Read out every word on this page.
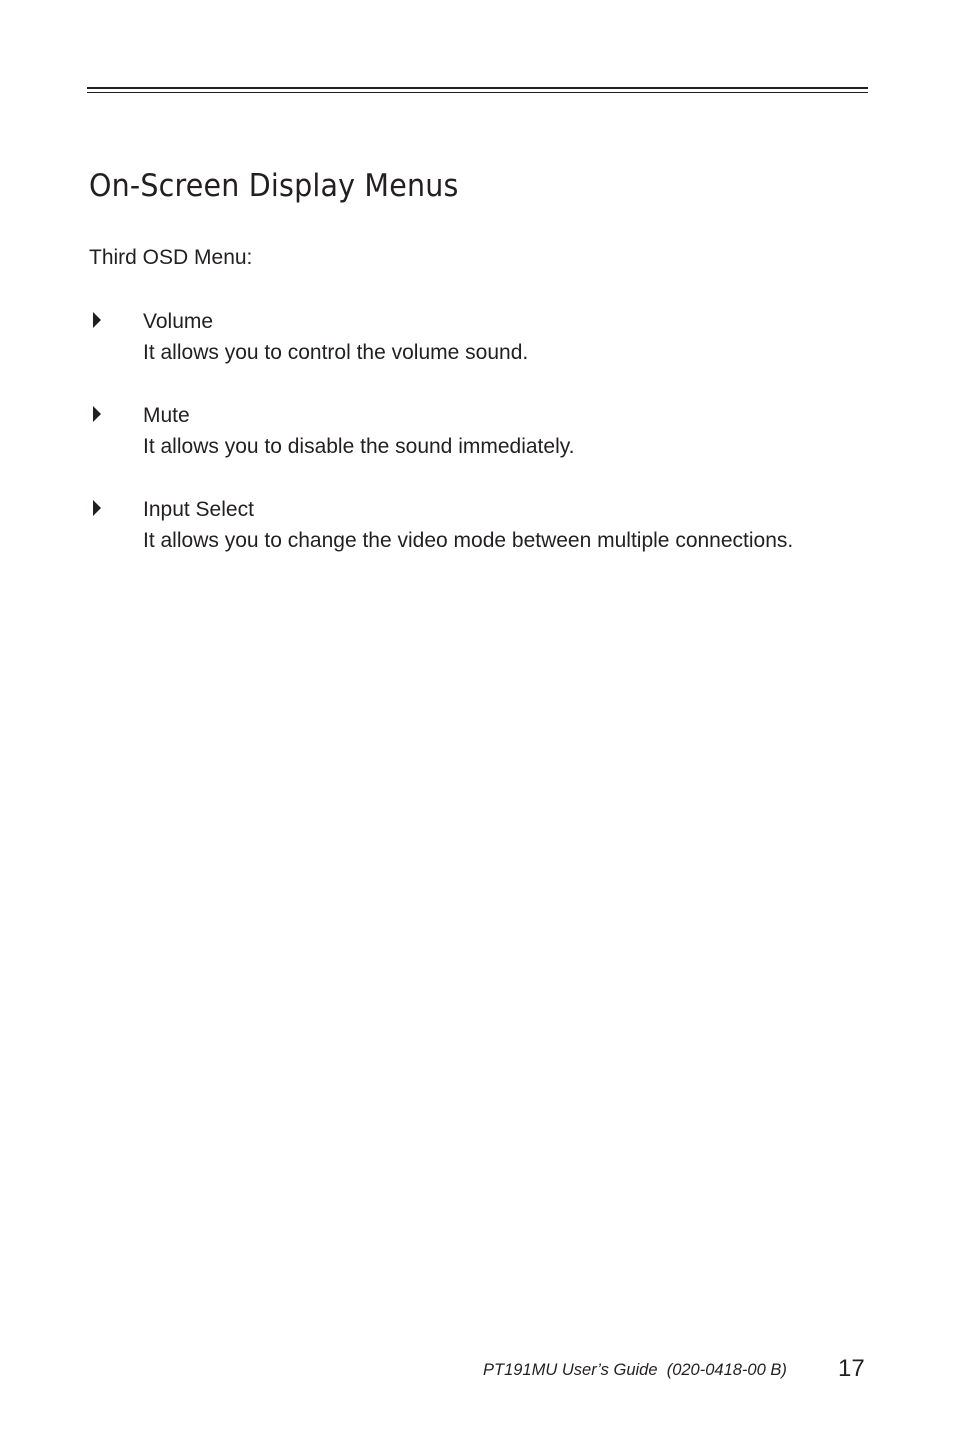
On-Screen Display Menus
Third OSD Menu:
Volume
It allows you to control the volume sound.
Mute
It allows you to disable the sound immediately.
Input Select
It allows you to change the video mode between multiple connections.
PT191MU User’s Guide  (020-0418-00 B) 17
